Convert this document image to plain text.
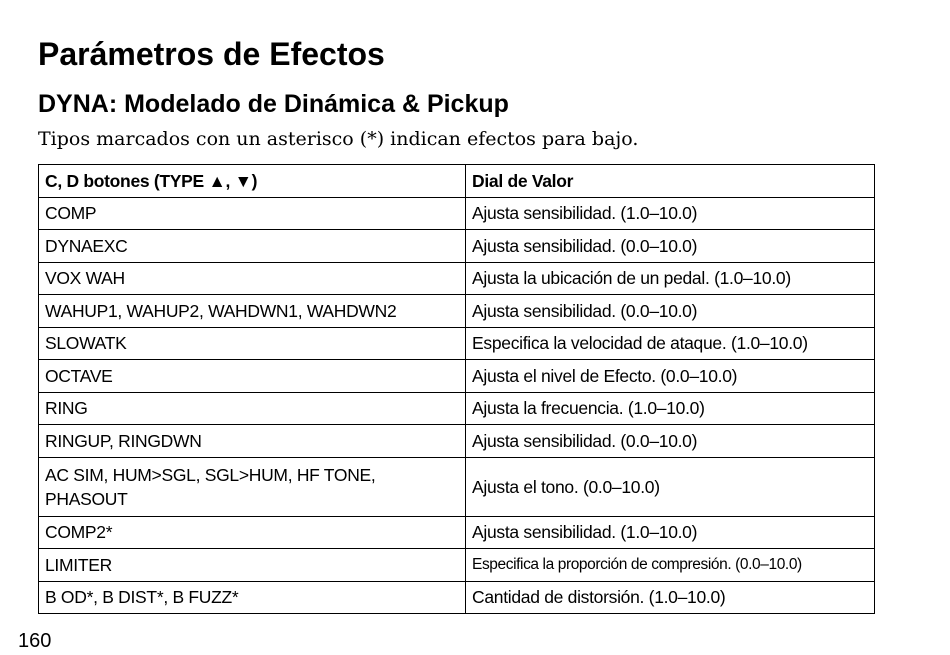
Parámetros de Efectos
DYNA: Modelado de Dinámica & Pickup

Tipos marcados con un asterisco (*) indican efectos para bajo.

C, D botones (TYPE ▲, ▼)	Dial de Valor
COMP	Ajusta sensibilidad. (1.0–10.0)
DYNAEXC	Ajusta sensibilidad. (0.0–10.0)
VOX WAH	Ajusta la ubicación de un pedal. (1.0–10.0)
WAHUP1, WAHUP2, WAHDWN1, WAHDWN2	Ajusta sensibilidad. (0.0–10.0)
SLOWATK	Especifica la velocidad de ataque. (1.0–10.0)
OCTAVE	Ajusta el nivel de Efecto. (0.0–10.0)
RING	Ajusta la frecuencia. (1.0–10.0)
RINGUP, RINGDWN	Ajusta sensibilidad. (0.0–10.0)
AC SIM, HUM>SGL, SGL>HUM, HF TONE, PHASOUT	Ajusta el tono. (0.0–10.0)
COMP2*	Ajusta sensibilidad. (1.0–10.0)
LIMITER	Especifica la proporción de compresión. (0.0–10.0)
B OD*, B DIST*, B FUZZ*	Cantidad de distorsión. (1.0–10.0)

160
